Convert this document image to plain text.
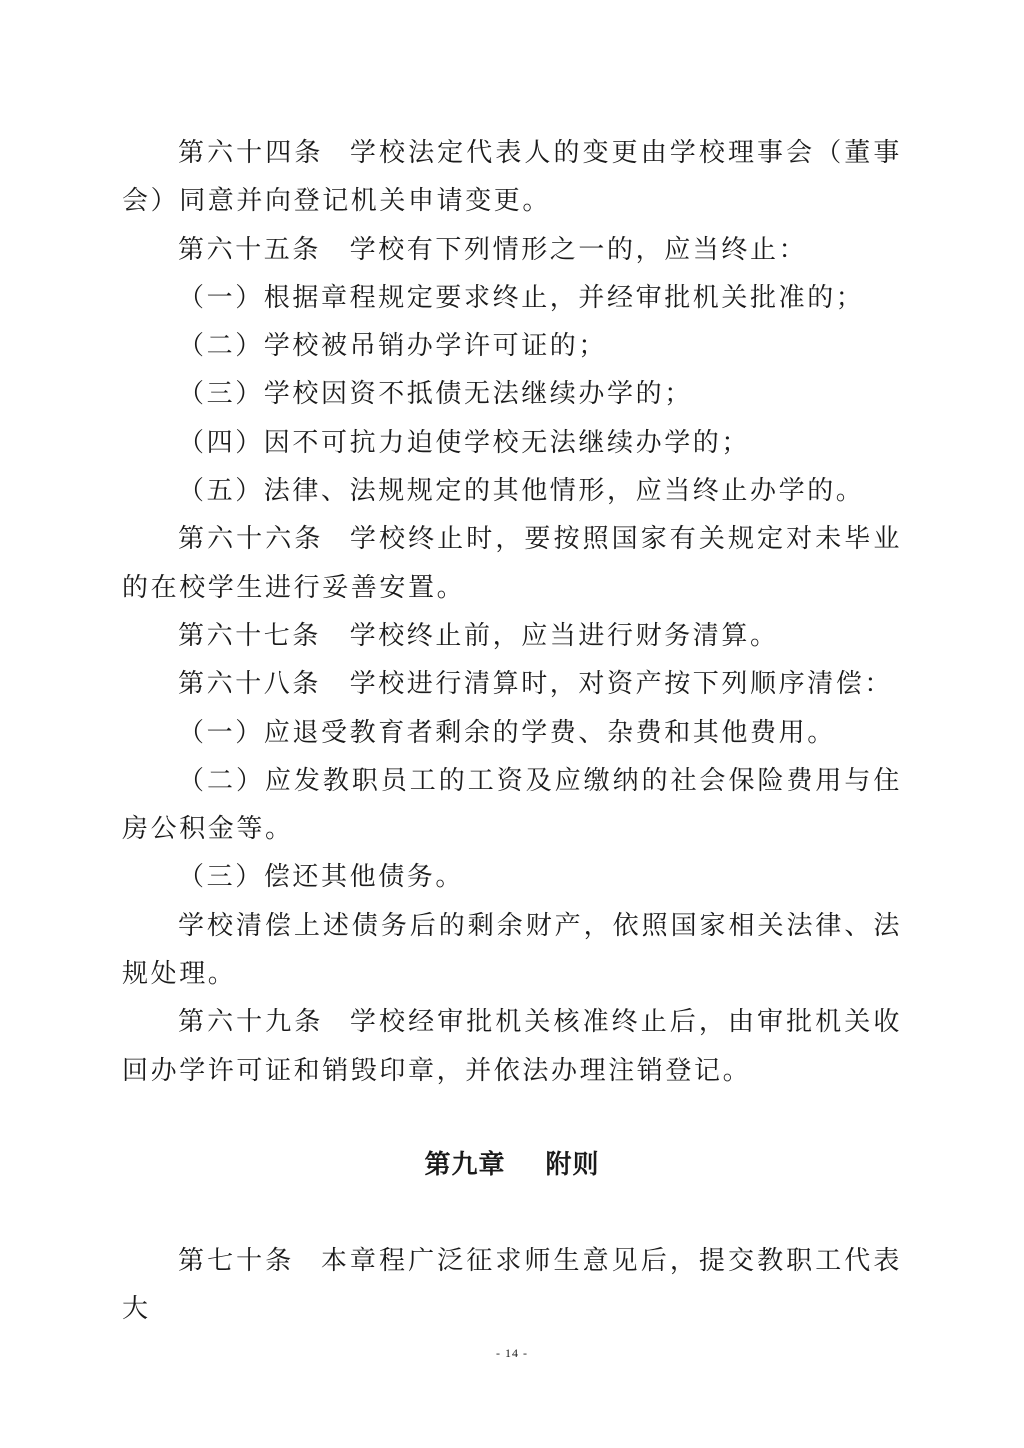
第六十四条 学校法定代表人的变更由学校理事会（董事会）同意并向登记机关申请变更。

第六十五条　学校有下列情形之一的，应当终止：

（一）根据章程规定要求终止，并经审批机关批准的；

（二）学校被吊销办学许可证的；

（三）学校因资不抵债无法继续办学的；

（四）因不可抗力迫使学校无法继续办学的；

（五）法律、法规规定的其他情形，应当终止办学的。

第六十六条 学校终止时，要按照国家有关规定对未毕业的在校学生进行妥善安置。

第六十七条　学校终止前，应当进行财务清算。

第六十八条　学校进行清算时，对资产按下列顺序清偿：

（一）应退受教育者剩余的学费、杂费和其他费用。

（二）应发教职员工的工资及应缴纳的社会保险费用与住房公积金等。

（三）偿还其他债务。

学校清偿上述债务后的剩余财产，依照国家相关法律、法规处理。

第六十九条 学校经审批机关核准终止后，由审批机关收回办学许可证和销毁印章，并依法办理注销登记。

第九章 附则

第七十条 本章程广泛征求师生意见后，提交教职工代表大

- 14 -
